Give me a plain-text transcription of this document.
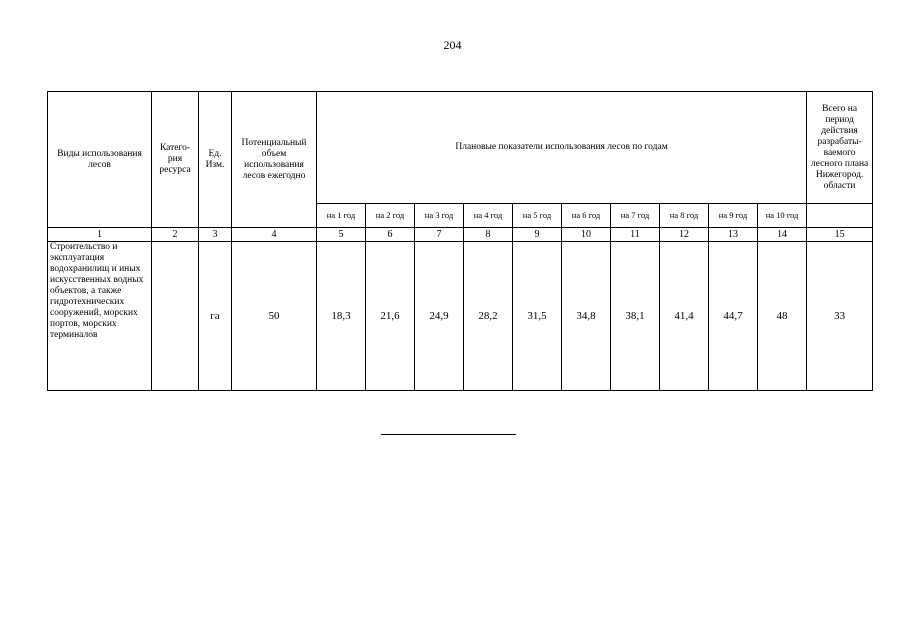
204
Виды использования лесов	Катего-рия ресурса	Ед. Изм.	Потенциальный объем использования лесов ежегодно	Плановые показатели использования лесов по годам										Всего на период действия разрабаты-ваемого лесного плана Нижегород. области
				на 1 год	на 2 год	на 3 год	на 4 год	на 5 год	на 6 год	на 7 год	на 8 год	на 9 год	на 10 год	
1	2	3	4	5	6	7	8	9	10	11	12	13	14	15
Строительство и эксплуатация водохранилищ и иных искусственных водных объектов, а также гидротехнических сооружений, морских портов, морских терминалов		га	50	18,3	21,6	24,9	28,2	31,5	34,8	38,1	41,4	44,7	48	33
